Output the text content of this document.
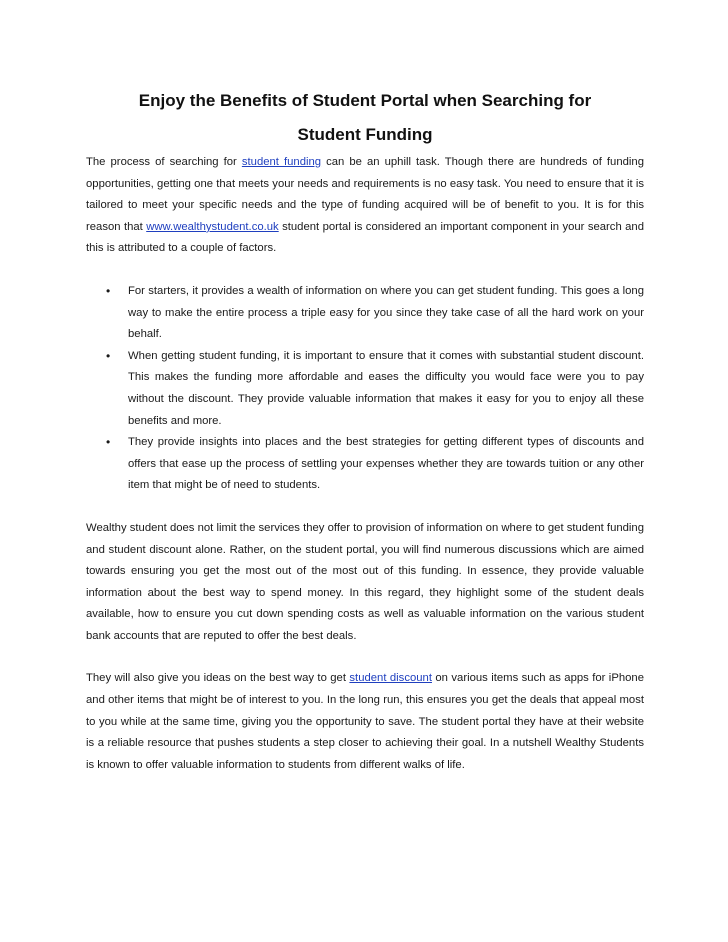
Enjoy the Benefits of Student Portal when Searching for
Student Funding

The process of searching for student funding can be an uphill task. Though there are hundreds of funding opportunities, getting one that meets your needs and requirements is no easy task. You need to ensure that it is tailored to meet your specific needs and the type of funding acquired will be of benefit to you. It is for this reason that www.wealthystudent.co.uk student portal is considered an important component in your search and this is attributed to a couple of factors.

• For starters, it provides a wealth of information on where you can get student funding. This goes a long way to make the entire process a triple easy for you since they take case of all the hard work on your behalf.
• When getting student funding, it is important to ensure that it comes with substantial student discount. This makes the funding more affordable and eases the difficulty you would face were you to pay without the discount. They provide valuable information that makes it easy for you to enjoy all these benefits and more.
• They provide insights into places and the best strategies for getting different types of discounts and offers that ease up the process of settling your expenses whether they are towards tuition or any other item that might be of need to students.

Wealthy student does not limit the services they offer to provision of information on where to get student funding and student discount alone. Rather, on the student portal, you will find numerous discussions which are aimed towards ensuring you get the most out of the most out of this funding. In essence, they provide valuable information about the best way to spend money. In this regard, they highlight some of the student deals available, how to ensure you cut down spending costs as well as valuable information on the various student bank accounts that are reputed to offer the best deals.

They will also give you ideas on the best way to get student discount on various items such as apps for iPhone and other items that might be of interest to you. In the long run, this ensures you get the deals that appeal most to you while at the same time, giving you the opportunity to save. The student portal they have at their website is a reliable resource that pushes students a step closer to achieving their goal. In a nutshell Wealthy Students is known to offer valuable information to students from different walks of life.
